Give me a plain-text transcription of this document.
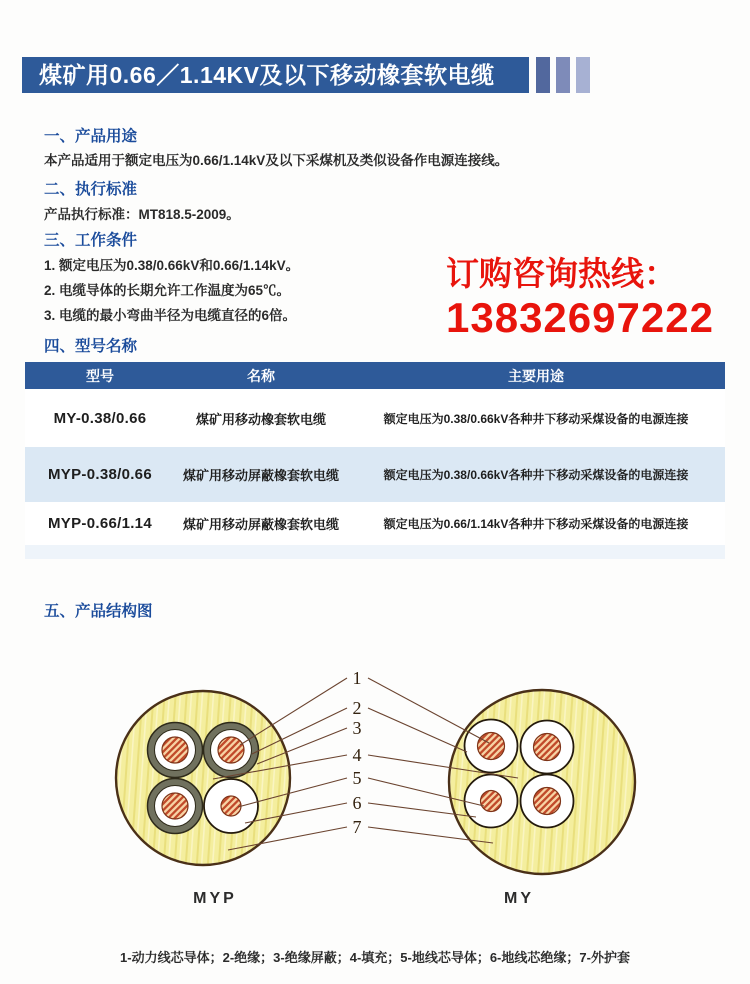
煤矿用0.66／1.14KV及以下移动橡套软电缆
一、产品用途
本产品适用于额定电压为0.66/1.14kV及以下采煤机及类似设备作电源连接线。
二、执行标准
产品执行标准：MT818.5-2009。
三、工作条件
1. 额定电压为0.38/0.66kV和0.66/1.14kV。
2. 电缆导体的长期允许工作温度为65℃。
3. 电缆的最小弯曲半径为电缆直径的6倍。
订购咨询热线：
13832697222
四、型号名称
型号	名称	主要用途
MY-0.38/0.66	煤矿用移动橡套软电缆	额定电压为0.38/0.66kV各种井下移动采煤设备的电源连接
MYP-0.38/0.66	煤矿用移动屏蔽橡套软电缆	额定电压为0.38/0.66kV各种井下移动采煤设备的电源连接
MYP-0.66/1.14	煤矿用移动屏蔽橡套软电缆	额定电压为0.66/1.14kV各种井下移动采煤设备的电源连接
五、产品结构图
1
2
3
4
5
6
7
MYP	MY
1-动力线芯导体；2-绝缘；3-绝缘屏蔽；4-填充；5-地线芯导体；6-地线芯绝缘；7-外护套
